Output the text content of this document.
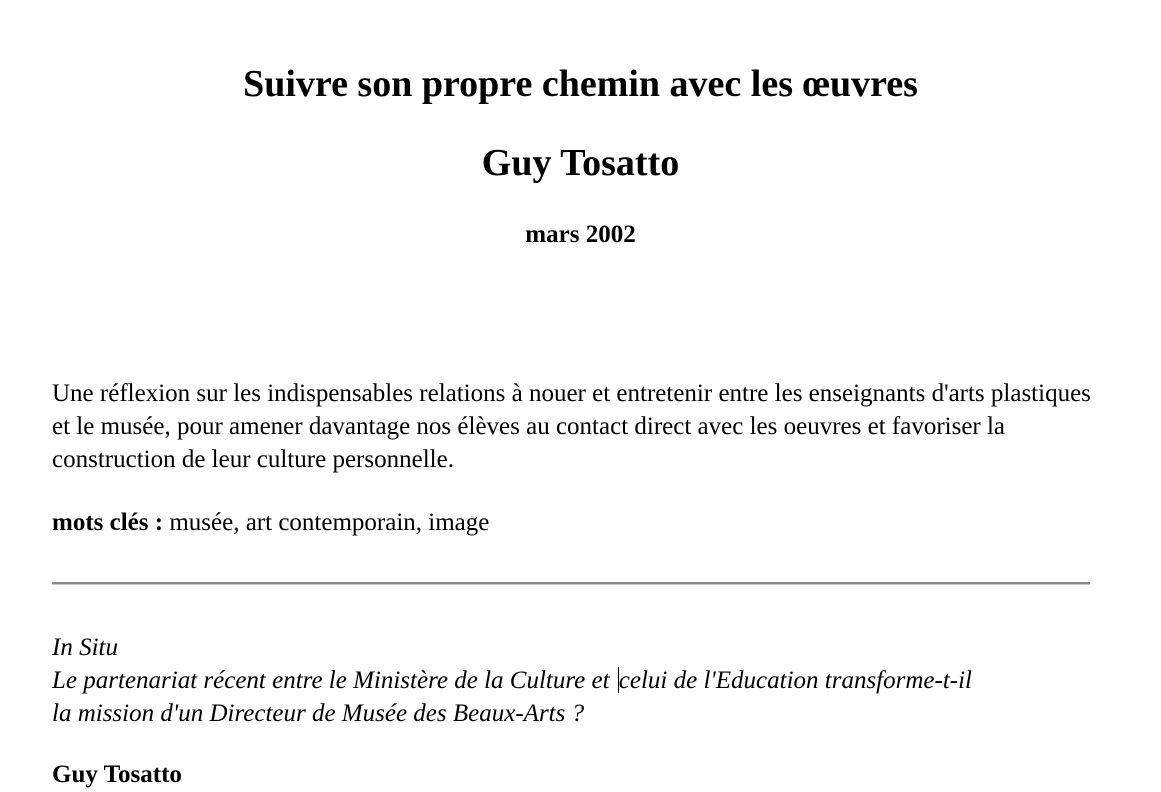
Suivre son propre chemin avec les œuvres
Guy Tosatto

mars 2002

Une réflexion sur les indispensables relations à nouer et entretenir entre les enseignants d'arts plastiques et le musée, pour amener davantage nos élèves au contact direct avec les oeuvres et favoriser la construction de leur culture personnelle.

mots clés : musée, art contemporain, image

In Situ
Le partenariat récent entre le Ministère de la Culture et celui de l'Education transforme-t-il
la mission d'un Directeur de Musée des Beaux-Arts ?

Guy Tosatto
